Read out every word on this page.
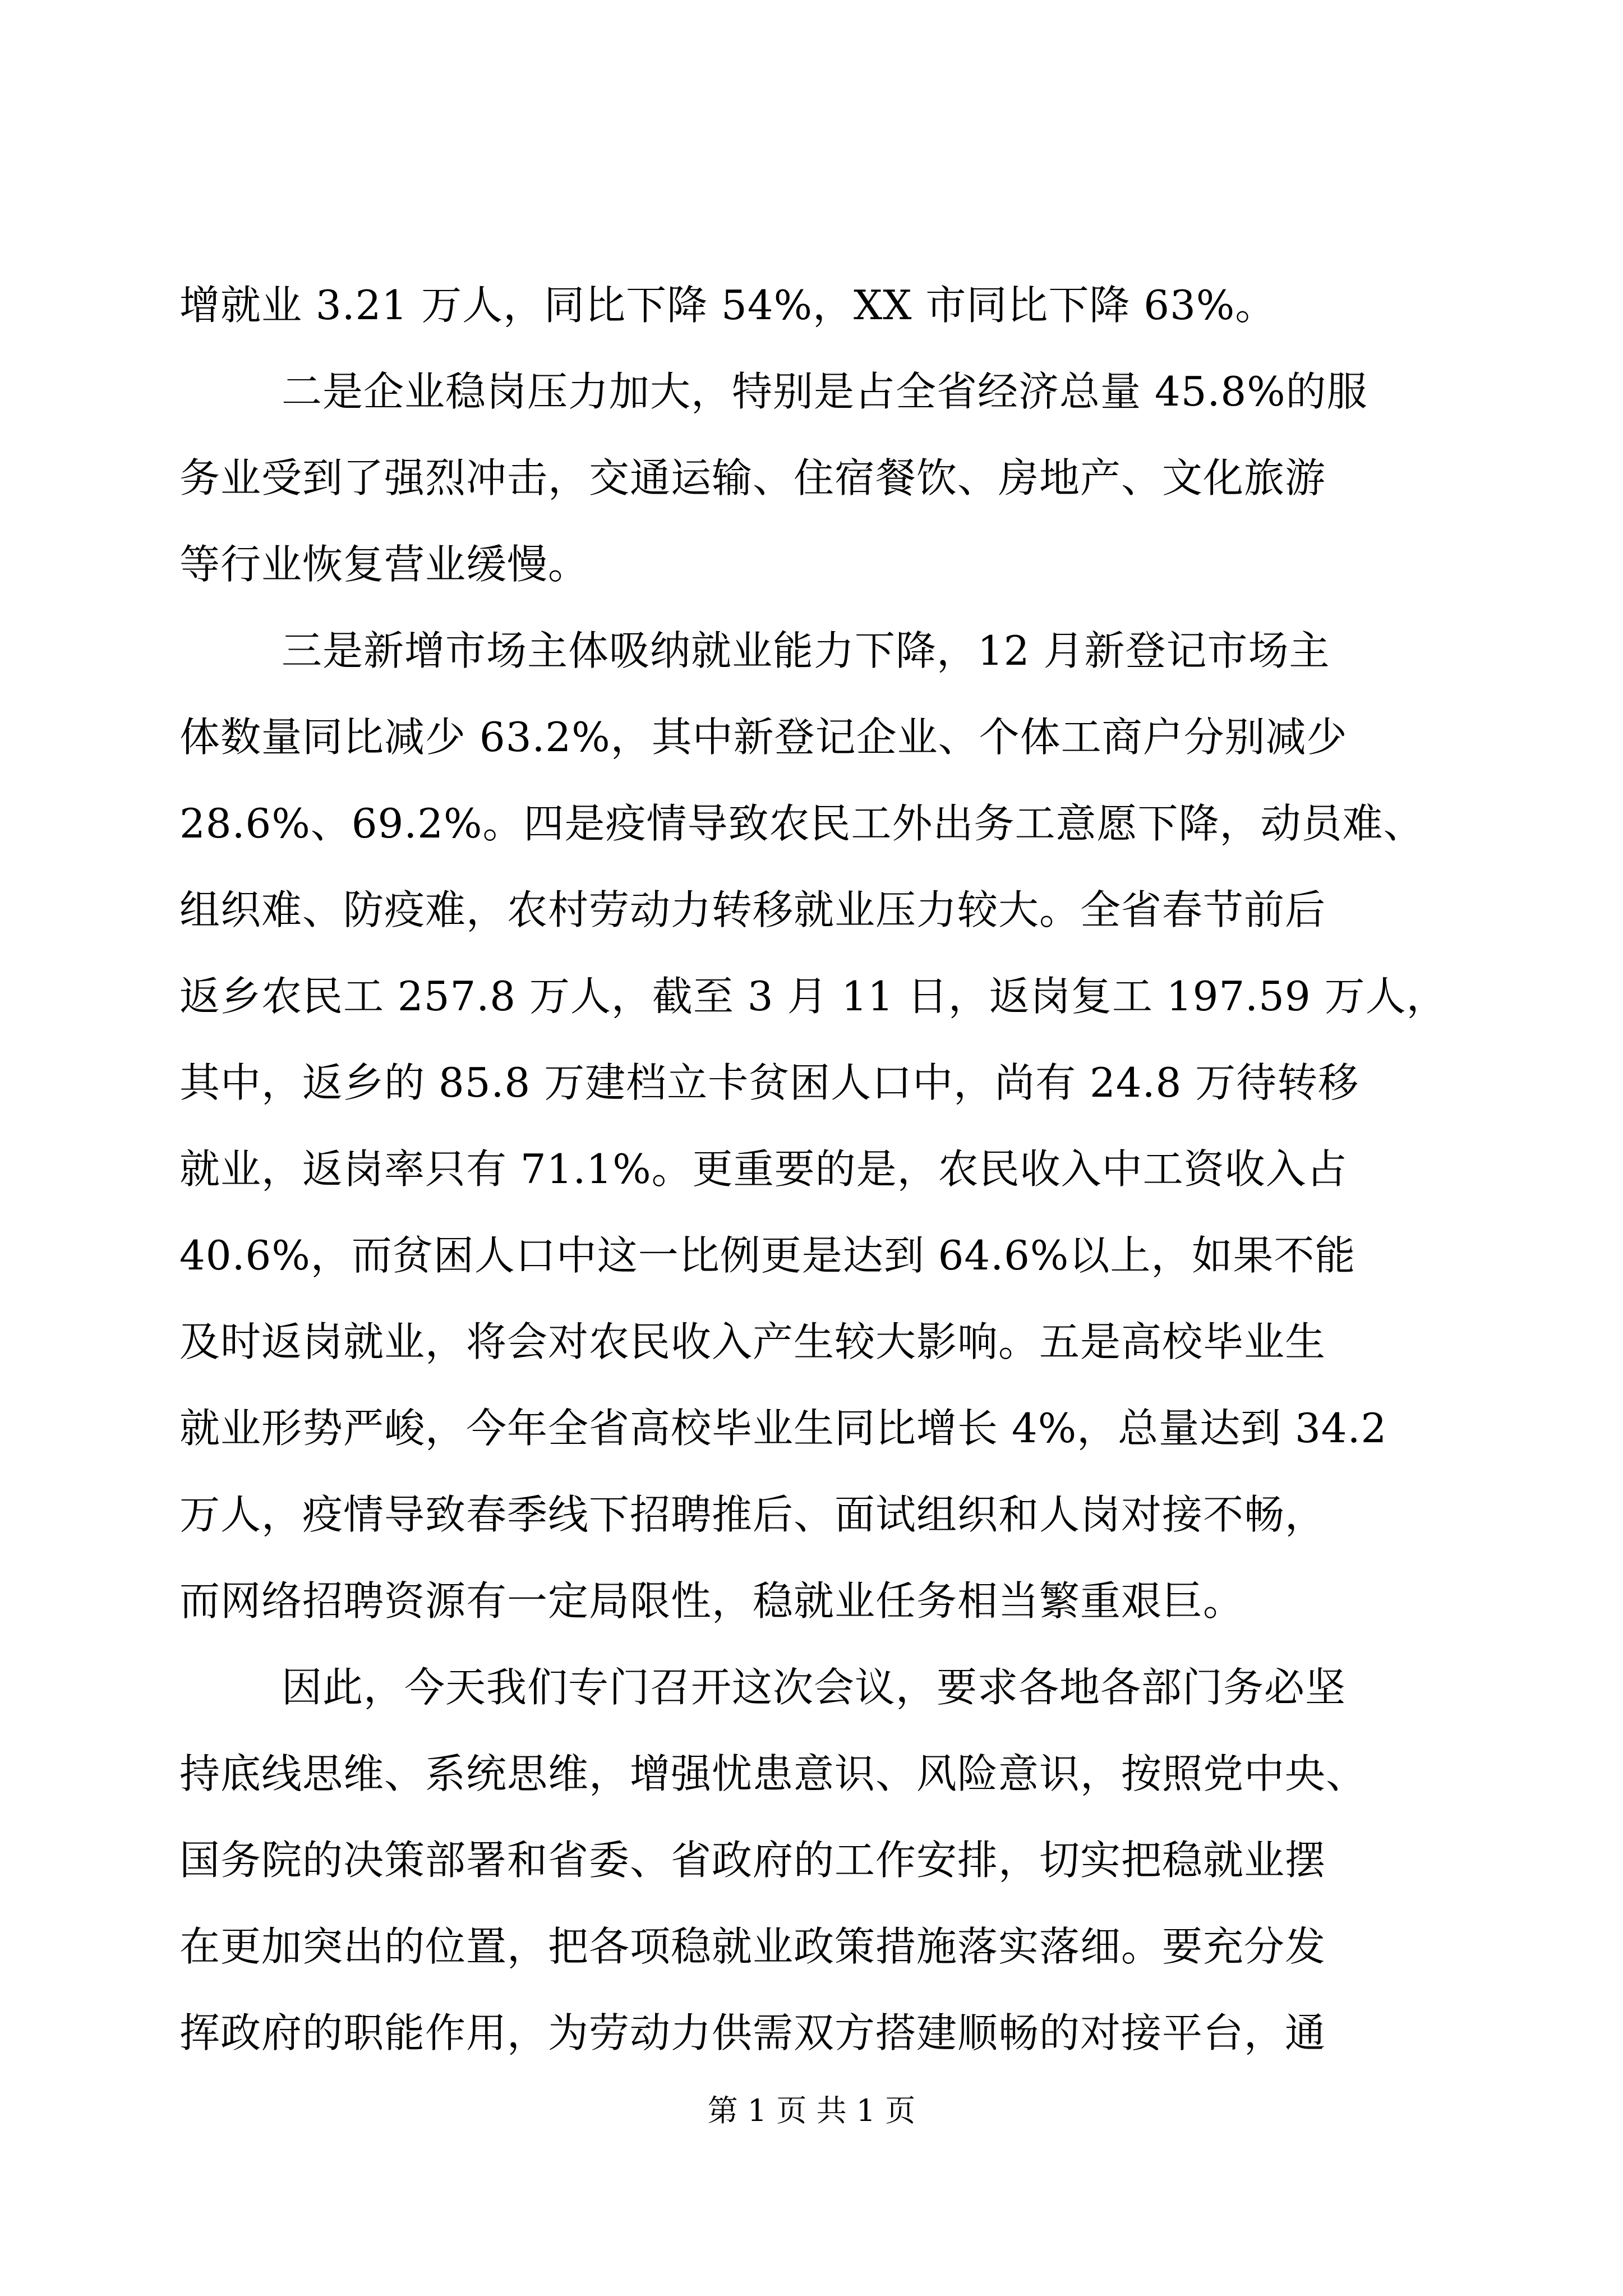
增就业 3.21 万人，同比下降 54%，XX 市同比下降 63%。
二是企业稳岗压力加大，特别是占全省经济总量 45.8%的服
务业受到了强烈冲击，交通运输、住宿餐饮、房地产、文化旅游
等行业恢复营业缓慢。
三是新增市场主体吸纳就业能力下降，12 月新登记市场主
体数量同比减少 63.2%，其中新登记企业、个体工商户分别减少
28.6%、69.2%。四是疫情导致农民工外出务工意愿下降，动员难、
组织难、防疫难，农村劳动力转移就业压力较大。全省春节前后
返乡农民工 257.8 万人，截至 3 月 11 日，返岗复工 197.59 万人，
其中，返乡的 85.8 万建档立卡贫困人口中，尚有 24.8 万待转移
就业，返岗率只有 71.1%。更重要的是，农民收入中工资收入占
40.6%，而贫困人口中这一比例更是达到 64.6%以上，如果不能
及时返岗就业，将会对农民收入产生较大影响。五是高校毕业生
就业形势严峻，今年全省高校毕业生同比增长 4%，总量达到 34.2
万人，疫情导致春季线下招聘推后、面试组织和人岗对接不畅，
而网络招聘资源有一定局限性，稳就业任务相当繁重艰巨。
因此，今天我们专门召开这次会议，要求各地各部门务必坚
持底线思维、系统思维，增强忧患意识、风险意识，按照党中央、
国务院的决策部署和省委、省政府的工作安排，切实把稳就业摆
在更加突出的位置，把各项稳就业政策措施落实落细。要充分发
挥政府的职能作用，为劳动力供需双方搭建顺畅的对接平台，通
第 1 页 共 1 页
